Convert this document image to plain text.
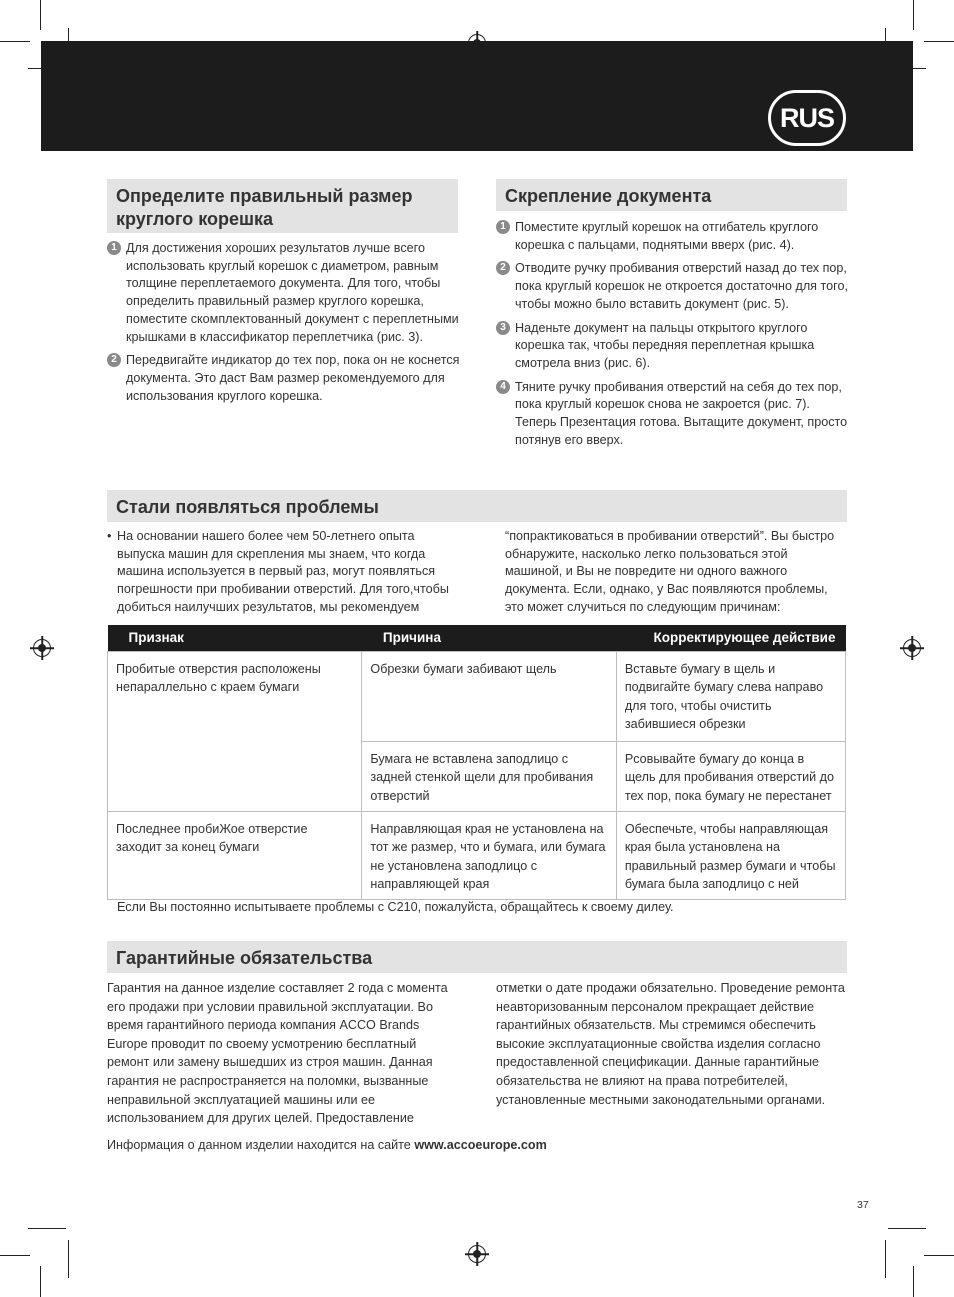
RUS
Определите правильный размер круглого корешка
1 Для достижения хороших результатов лучше всего использовать круглый корешок с диаметром, равным толщине переплетаемого документа. Для того, чтобы определить правильный размер круглого корешка, поместите скомплектованный документ с переплетными крышками в классификатор переплетчика (рис. 3).
2 Передвигайте индикатор до тех пор, пока он не коснется документа. Это даст Вам размер рекомендуемого для использования круглого корешка.
Скрепление документа
1 Поместите круглый корешок на отгибатель круглого корешка с пальцами, поднятыми вверх (рис. 4).
2 Отводите ручку пробивания отверстий назад до тех пор, пока круглый корешок не откроется достаточно для того, чтобы можно было вставить документ (рис. 5).
3 Наденьте документ на пальцы открытого круглого корешка так, чтобы передняя переплетная крышка смотрела вниз (рис. 6).
4 Тяните ручку пробивания отверстий на себя до тех пор, пока круглый корешок снова не закроется (рис. 7). Теперь Презентация готова. Вытащите документ, просто потянув его вверх.
Стали появляться проблемы
• На основании нашего более чем 50-летнего опыта выпуска машин для скрепления мы знаем, что когда машина используется в первый раз, могут появляться погрешности при пробивании отверстий. Для того,чтобы добиться наилучших результатов, мы рекомендуем
“попрактиковаться в пробивании отверстий”. Вы быстро обнаружите, насколько легко пользоваться этой машиной, и Вы не повредите ни одного важного документа. Если, однако, у Вас появляются проблемы, это может случиться по следующим причинам:
Признак	Причина	Корректирующее действие
Пробитые отверстия расположены непараллельно с краем бумаги	Обрезки бумаги забивают щель	Вставьте бумагу в щель и подвигайте бумагу слева направо для того, чтобы очистить забившиеся обрезки
	Бумага не вставлена заподлицо с задней стенкой щели для пробивания отверстий	Рсовывайте бумагу до конца в щель для пробивания отверстий до тех пор, пока бумагу не перестанет
Последнее пробиЖое отверстие заходит за конец бумаги	Направляющая края не установлена на тот же размер, что и бумага, или бумага не установлена заподлицо с направляющей края	Обеспечьте, чтобы направляющая края была установлена на правильный размер бумаги и чтобы бумага была заподлицо с ней
Если Вы постоянно испытываете проблемы с С210, пожалуйста, обращайтесь к своему дилеу.
Гарантийные обязательства
Гарантия на данное изделие составляет 2 года с момента его продажи при условии правильной эксплуатации. Во время гарантийного периода компания ACCO Brands Europe проводит по своему усмотрению бесплатный ремонт или замену вышедших из строя машин. Данная гарантия не распространяется на поломки, вызванные неправильной эксплуатацией машины или ее использованием для других целей. Предоставление
отметки о дате продажи обязательно. Проведение ремонта неавторизованным персоналом прекращает действие гарантийных обязательств. Мы стремимся обеспечить высокие эксплуатационные свойства изделия согласно предоставленной спецификации. Данные гарантийные обязательства не влияют на права потребителей, установленные местными законодательными органами.
Информация о данном изделии находится на сайте www.accoeurope.com
37
